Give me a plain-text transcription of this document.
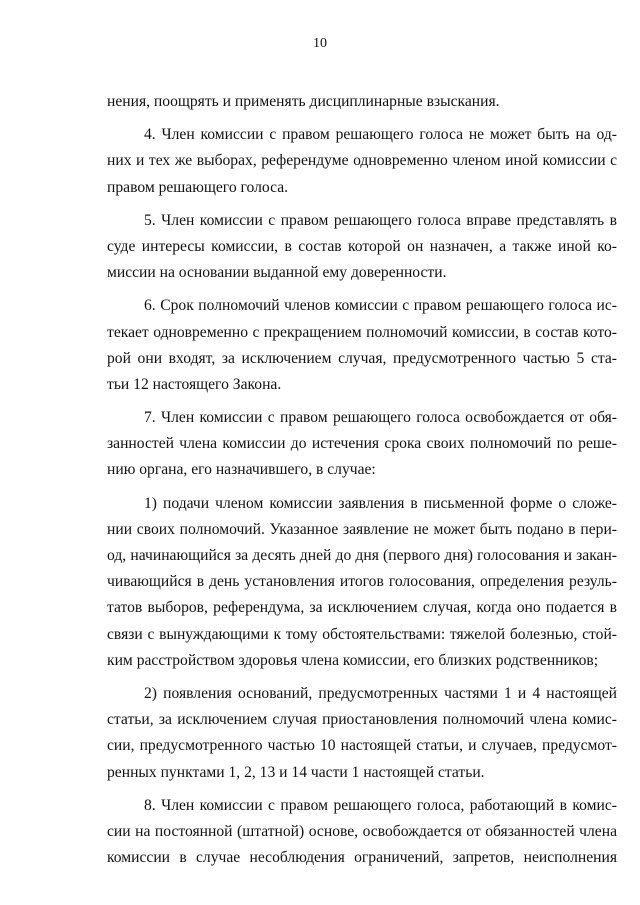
10
нения, поощрять и применять дисциплинарные взыскания.
4. Член комиссии с правом решающего голоса не может быть на од-
них и тех же выборах, референдуме одновременно членом иной комиссии с
правом решающего голоса.
5. Член комиссии с правом решающего голоса вправе представлять в
суде интересы комиссии, в состав которой он назначен, а также иной ко-
миссии на основании выданной ему доверенности.
6. Срок полномочий членов комиссии с правом решающего голоса ис-
текает одновременно с прекращением полномочий комиссии, в состав кото-
рой они входят, за исключением случая, предусмотренного частью 5 ста-
тьи 12 настоящего Закона.
7. Член комиссии с правом решающего голоса освобождается от обя-
занностей члена комиссии до истечения срока своих полномочий по реше-
нию органа, его назначившего, в случае:
1) подачи членом комиссии заявления в письменной форме о сложе-
нии своих полномочий. Указанное заявление не может быть подано в пери-
од, начинающийся за десять дней до дня (первого дня) голосования и закан-
чивающийся в день установления итогов голосования, определения резуль-
татов выборов, референдума, за исключением случая, когда оно подается в
связи с вынуждающими к тому обстоятельствами: тяжелой болезнью, стой-
ким расстройством здоровья члена комиссии, его близких родственников;
2) появления оснований, предусмотренных частями 1 и 4 настоящей
статьи, за исключением случая приостановления полномочий члена комис-
сии, предусмотренного частью 10 настоящей статьи, и случаев, предусмот-
ренных пунктами 1, 2, 13 и 14 части 1 настоящей статьи.
8. Член комиссии с правом решающего голоса, работающий в комис-
сии на постоянной (штатной) основе, освобождается от обязанностей члена
комиссии в случае несоблюдения ограничений, запретов, неисполнения
